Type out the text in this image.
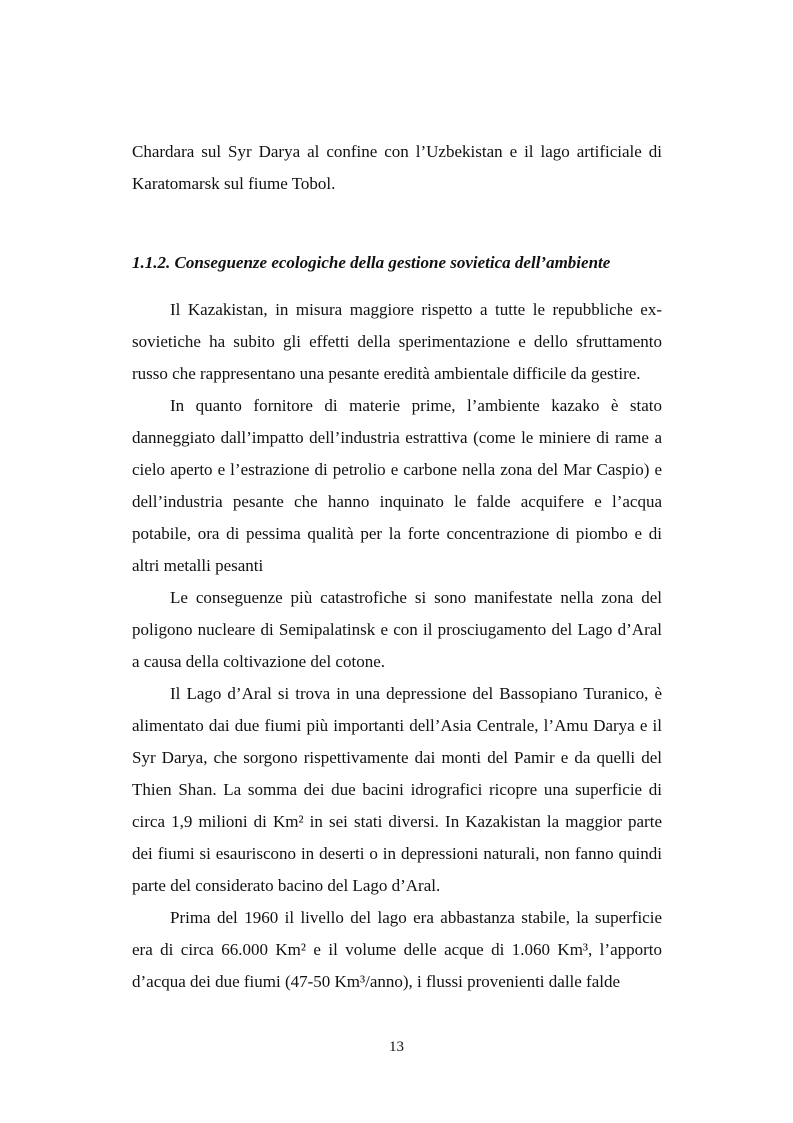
Chardara sul Syr Darya al confine con l’Uzbekistan e il lago artificiale di Karatomarsk sul fiume Tobol.

1.1.2. Conseguenze ecologiche della gestione sovietica dell’ambiente

Il Kazakistan, in misura maggiore rispetto a tutte le repubbliche ex-sovietiche ha subito gli effetti della sperimentazione e dello sfruttamento russo che rappresentano una pesante eredità ambientale difficile da gestire.

In quanto fornitore di materie prime, l’ambiente kazako è stato danneggiato dall’impatto dell’industria estrattiva (come le miniere di rame a cielo aperto e l’estrazione di petrolio e carbone nella zona del Mar Caspio) e dell’industria pesante che hanno inquinato le falde acquifere e l’acqua potabile, ora di pessima qualità per la forte concentrazione di piombo e di altri metalli pesanti

Le conseguenze più catastrofiche si sono manifestate nella zona del poligono nucleare di Semipalatinsk e con il prosciugamento del Lago d’Aral a causa della coltivazione del cotone.

Il Lago d’Aral si trova in una depressione del Bassopiano Turanico, è alimentato dai due fiumi più importanti dell’Asia Centrale, l’Amu Darya e il Syr Darya, che sorgono rispettivamente dai monti del Pamir e da quelli del Thien Shan. La somma dei due bacini idrografici ricopre una superficie di circa 1,9 milioni di Km² in sei stati diversi. In Kazakistan la maggior parte dei fiumi si esauriscono in deserti o in depressioni naturali, non fanno quindi parte del considerato bacino del Lago d’Aral.

Prima del 1960 il livello del lago era abbastanza stabile, la superficie era di circa 66.000 Km² e il volume delle acque di 1.060 Km³, l’apporto d’acqua dei due fiumi (47-50 Km³/anno), i flussi provenienti dalle falde

13
